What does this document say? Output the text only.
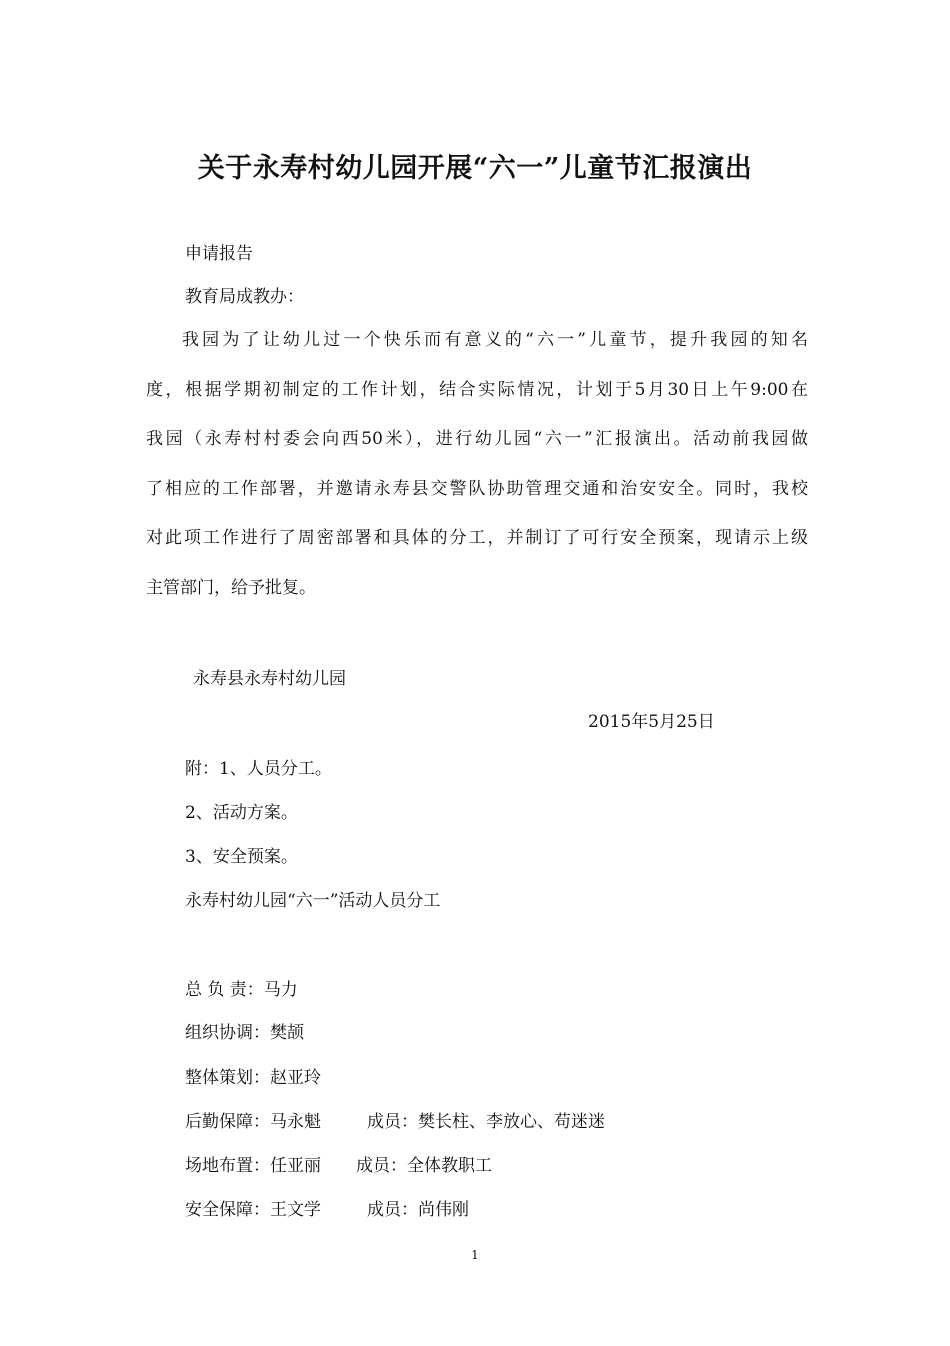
关于永寿村幼儿园开展“六一”儿童节汇报演出
申请报告
教育局成教办：
我园为了让幼儿过一个快乐而有意义的“六一”儿童节，提升我园的知名
度，根据学期初制定的工作计划，结合实际情况，计划于5月30日上午9:00在
我园（永寿村村委会向西50米），进行幼儿园“六一”汇报演出。活动前我园做
了相应的工作部署，并邀请永寿县交警队协助管理交通和治安安全。同时，我校
对此项工作进行了周密部署和具体的分工，并制订了可行安全预案，现请示上级
主管部门，给予批复。
永寿县永寿村幼儿园
2015年5月25日
附：1、人员分工。
2、活动方案。
3、安全预案。
永寿村幼儿园“六一”活动人员分工
总 负 责：马力
组织协调：樊颉
整体策划：赵亚玲
后勤保障：马永魁	成员：樊长柱、李放心、苟迷迷
场地布置：任亚丽 成员：全体教职工
安全保障：王文学	成员：尚伟刚
1
